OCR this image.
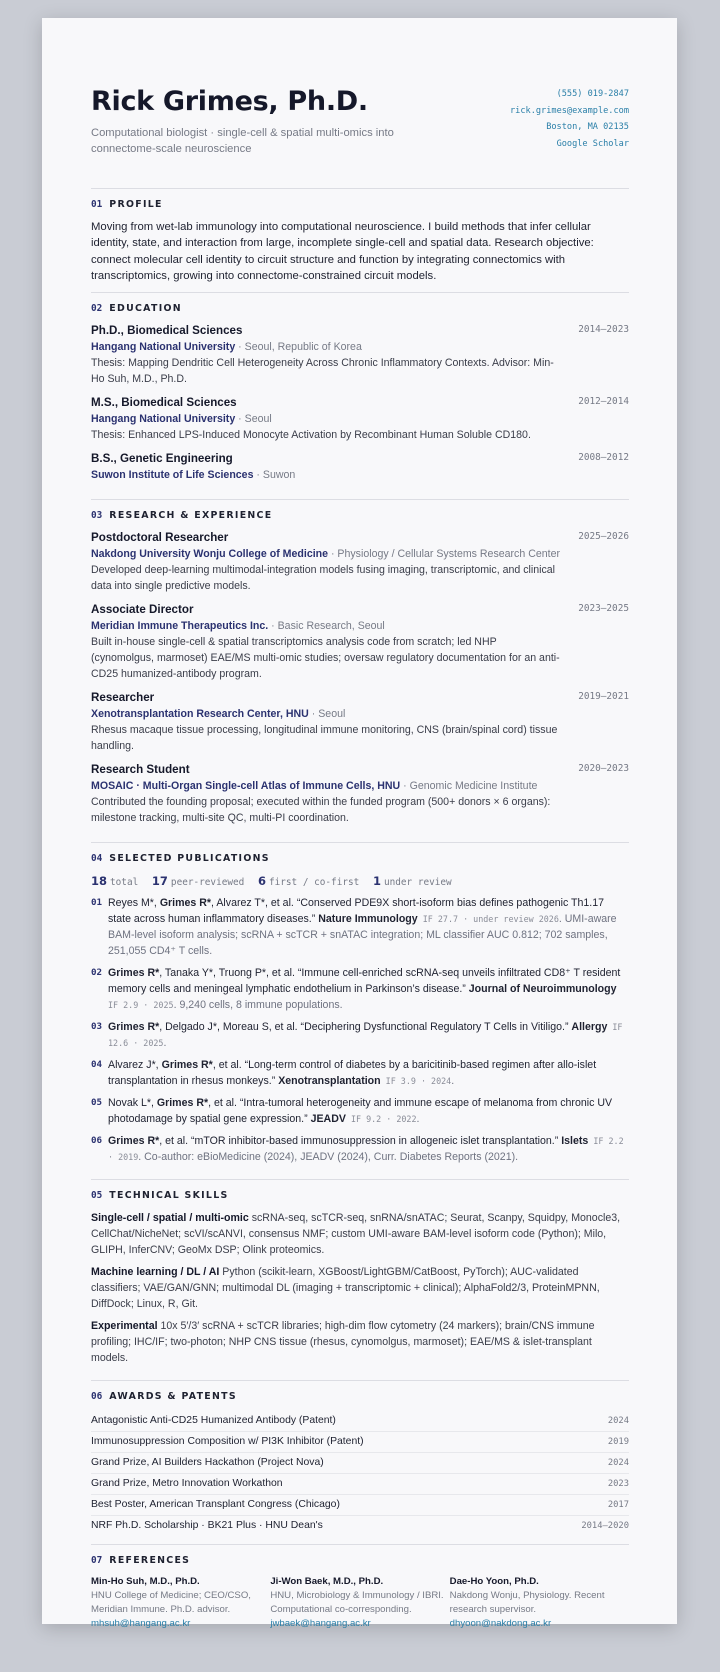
Rick Grimes, Ph.D.
Computational biologist · single-cell & spatial multi-omics into connectome-scale neuroscience
(555) 019-2847
rick.grimes@example.com
Boston, MA 02135
Google Scholar
01 PROFILE
Moving from wet-lab immunology into computational neuroscience. I build methods that infer cellular identity, state, and interaction from large, incomplete single-cell and spatial data. Research objective: connect molecular cell identity to circuit structure and function by integrating connectomics with transcriptomics, growing into connectome-constrained circuit models.
02 EDUCATION
Ph.D., Biomedical Sciences
Hangang National University · Seoul, Republic of Korea
Thesis: Mapping Dendritic Cell Heterogeneity Across Chronic Inflammatory Contexts. Advisor: Min-Ho Suh, M.D., Ph.D.
2014–2023
M.S., Biomedical Sciences
Hangang National University · Seoul
Thesis: Enhanced LPS-Induced Monocyte Activation by Recombinant Human Soluble CD180.
2012–2014
B.S., Genetic Engineering
Suwon Institute of Life Sciences · Suwon
2008–2012
03 RESEARCH & EXPERIENCE
Postdoctoral Researcher
Nakdong University Wonju College of Medicine · Physiology / Cellular Systems Research Center
Developed deep-learning multimodal-integration models fusing imaging, transcriptomic, and clinical data into single predictive models.
2025–2026
Associate Director
Meridian Immune Therapeutics Inc. · Basic Research, Seoul
Built in-house single-cell & spatial transcriptomics analysis code from scratch; led NHP (cynomolgus, marmoset) EAE/MS multi-omic studies; oversaw regulatory documentation for an anti-CD25 humanized-antibody program.
2023–2025
Researcher
Xenotransplantation Research Center, HNU · Seoul
Rhesus macaque tissue processing, longitudinal immune monitoring, CNS (brain/spinal cord) tissue handling.
2019–2021
Research Student
MOSAIC · Multi-Organ Single-cell Atlas of Immune Cells, HNU · Genomic Medicine Institute
Contributed the founding proposal; executed within the funded program (500+ donors × 6 organs): milestone tracking, multi-site QC, multi-PI coordination.
2020–2023
04 SELECTED PUBLICATIONS
18 total 17 peer-reviewed 6 first / co-first 1 under review
01 Reyes M*, Grimes R*, Alvarez T*, et al. “Conserved PDE9X short-isoform bias defines pathogenic Th1.17 state across human inflammatory diseases.” Nature Immunology IF 27.7 · under review 2026. UMI-aware BAM-level isoform analysis; scRNA + scTCR + snATAC integration; ML classifier AUC 0.812; 702 samples, 251,055 CD4⁺ T cells.
02 Grimes R*, Tanaka Y*, Truong P*, et al. “Immune cell-enriched scRNA-seq unveils infiltrated CD8⁺ T resident memory cells and meningeal lymphatic endothelium in Parkinson’s disease.” Journal of Neuroimmunology IF 2.9 · 2025. 9,240 cells, 8 immune populations.
03 Grimes R*, Delgado J*, Moreau S, et al. “Deciphering Dysfunctional Regulatory T Cells in Vitiligo.” Allergy IF 12.6 · 2025.
04 Alvarez J*, Grimes R*, et al. “Long-term control of diabetes by a baricitinib-based regimen after allo-islet transplantation in rhesus monkeys.” Xenotransplantation IF 3.9 · 2024.
05 Novak L*, Grimes R*, et al. “Intra-tumoral heterogeneity and immune escape of melanoma from chronic UV photodamage by spatial gene expression.” JEADV IF 9.2 · 2022.
06 Grimes R*, et al. “mTOR inhibitor-based immunosuppression in allogeneic islet transplantation.” Islets IF 2.2 · 2019. Co-author: eBioMedicine (2024), JEADV (2024), Curr. Diabetes Reports (2021).
05 TECHNICAL SKILLS
Single-cell / spatial / multi-omic scRNA-seq, scTCR-seq, snRNA/snATAC; Seurat, Scanpy, Squidpy, Monocle3, CellChat/NicheNet; scVI/scANVI, consensus NMF; custom UMI-aware BAM-level isoform code (Python); Milo, GLIPH, InferCNV; GeoMx DSP; Olink proteomics.
Machine learning / DL / AI Python (scikit-learn, XGBoost/LightGBM/CatBoost, PyTorch); AUC-validated classifiers; VAE/GAN/GNN; multimodal DL (imaging + transcriptomic + clinical); AlphaFold2/3, ProteinMPNN, DiffDock; Linux, R, Git.
Experimental 10x 5′/3′ scRNA + scTCR libraries; high-dim flow cytometry (24 markers); brain/CNS immune profiling; IHC/IF; two-photon; NHP CNS tissue (rhesus, cynomolgus, marmoset); EAE/MS & islet-transplant models.
06 AWARDS & PATENTS
Antagonistic Anti-CD25 Humanized Antibody (Patent)	2024
Immunosuppression Composition w/ PI3K Inhibitor (Patent)	2019
Grand Prize, AI Builders Hackathon (Project Nova)	2024
Grand Prize, Metro Innovation Workathon	2023
Best Poster, American Transplant Congress (Chicago)	2017
NRF Ph.D. Scholarship · BK21 Plus · HNU Dean's	2014–2020
07 REFERENCES
Min-Ho Suh, M.D., Ph.D.
HNU College of Medicine; CEO/CSO, Meridian Immune. Ph.D. advisor.
mhsuh@hangang.ac.kr
Ji-Won Baek, M.D., Ph.D.
HNU, Microbiology & Immunology / IBRI. Computational co-corresponding.
jwbaek@hangang.ac.kr
Dae-Ho Yoon, Ph.D.
Nakdong Wonju, Physiology. Recent research supervisor.
dhyoon@nakdong.ac.kr
